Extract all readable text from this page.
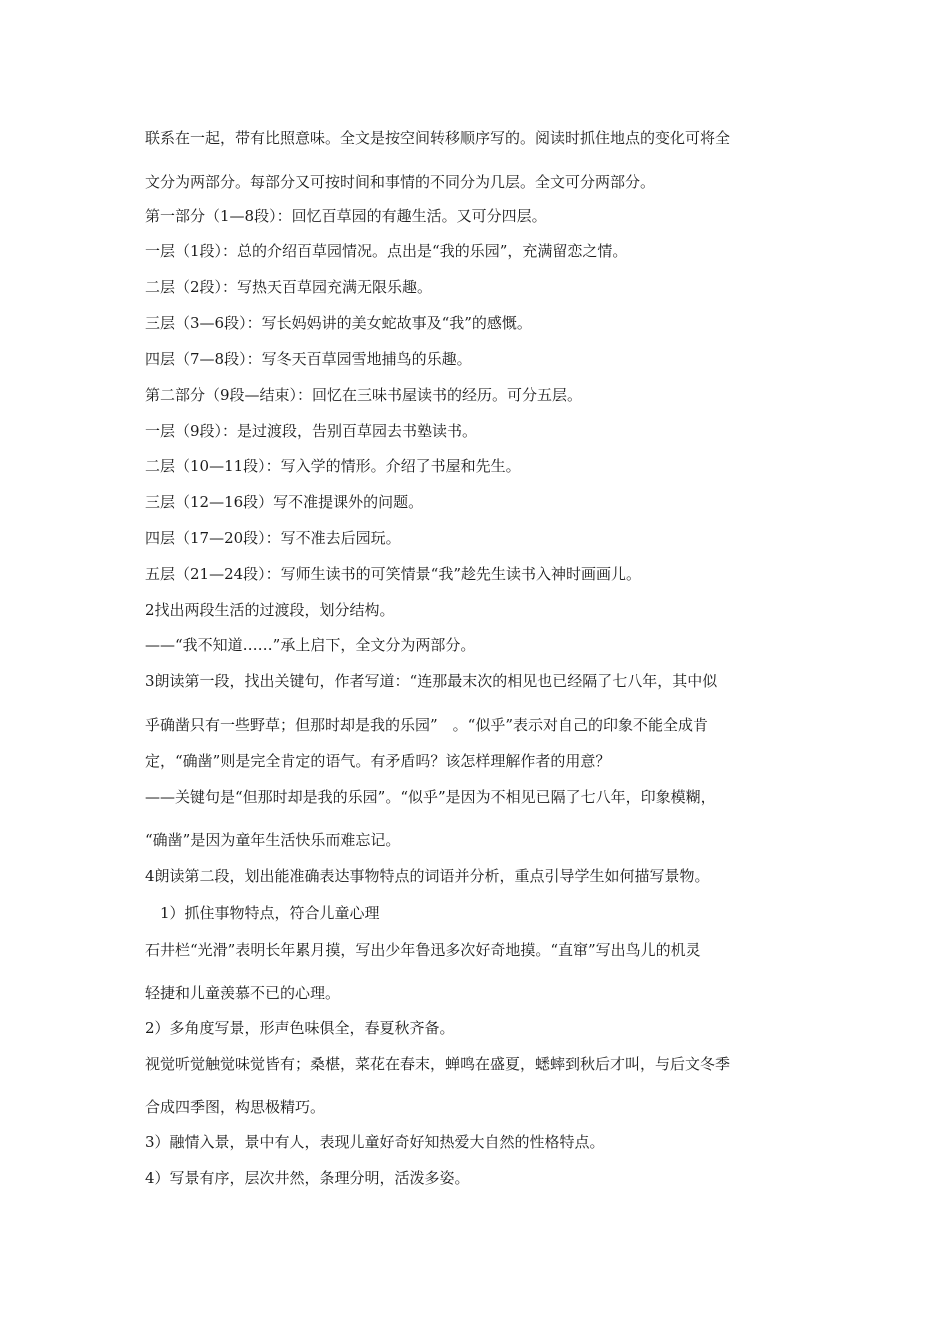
联系在一起，带有比照意味。全文是按空间转移顺序写的。阅读时抓住地点的变化可将全
文分为两部分。每部分又可按时间和事情的不同分为几层。全文可分两部分。
第一部分（1—8段）：回忆百草园的有趣生活。又可分四层。
一层（1段）：总的介绍百草园情况。点出是“我的乐园”，充满留恋之情。
二层（2段）：写热天百草园充满无限乐趣。
三层（3—6段）：写长妈妈讲的美女蛇故事及“我”的感慨。
四层（7—8段）：写冬天百草园雪地捕鸟的乐趣。
第二部分（9段—结束）：回忆在三味书屋读书的经历。可分五层。
一层（9段）：是过渡段，告别百草园去书塾读书。
二层（10—11段）：写入学的情形。介绍了书屋和先生。
三层（12—16段）写不准提课外的问题。
四层（17—20段）：写不准去后园玩。
五层（21—24段）：写师生读书的可笑情景“我”趁先生读书入神时画画儿。
2找出两段生活的过渡段，划分结构。
——“我不知道……”承上启下，全文分为两部分。
3朗读第一段，找出关键句，作者写道：“连那最末次的相见也已经隔了七八年，其中似
乎确凿只有一些野草；但那时却是我的乐园”　。“似乎”表示对自己的印象不能全成肯
定，“确凿”则是完全肯定的语气。有矛盾吗？该怎样理解作者的用意？
——关键句是“但那时却是我的乐园”。“似乎”是因为不相见已隔了七八年，印象模糊，
“确凿”是因为童年生活快乐而难忘记。
4朗读第二段，划出能准确表达事物特点的词语并分析，重点引导学生如何描写景物。
1）抓住事物特点，符合儿童心理
石井栏“光滑”表明长年累月摸，写出少年鲁迅多次好奇地摸。“直窜”写出鸟儿的机灵
轻捷和儿童羡慕不已的心理。
2）多角度写景，形声色味俱全，春夏秋齐备。
视觉听觉触觉味觉皆有；桑椹，菜花在春末，蝉鸣在盛夏，蟋蟀到秋后才叫，与后文冬季
合成四季图，构思极精巧。
3）融情入景，景中有人，表现儿童好奇好知热爱大自然的性格特点。
4）写景有序，层次井然，条理分明，活泼多姿。
